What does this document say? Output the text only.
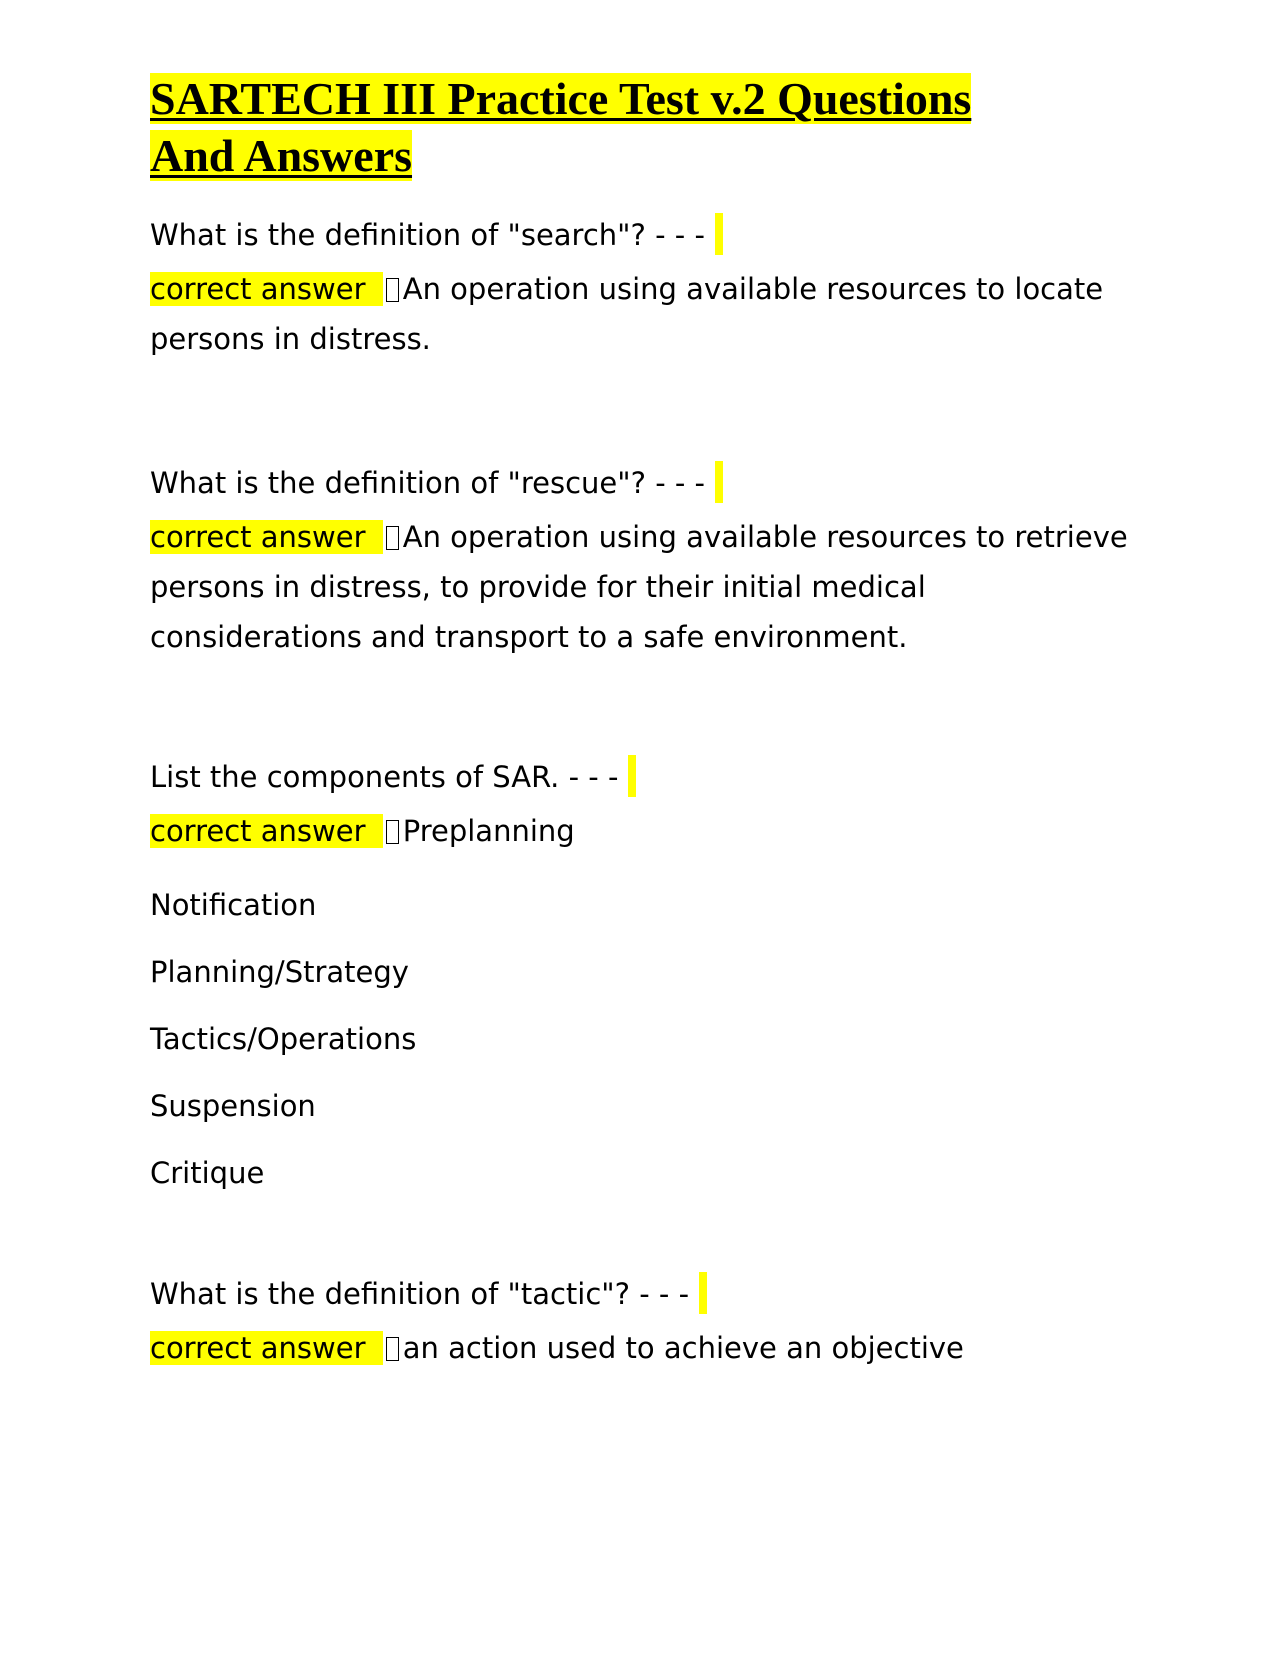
SARTECH III Practice Test v.2 Questions
And Answers
What is the definition of "search"? - - -
correct answer An operation using available resources to locate persons in distress.
What is the definition of "rescue"? - - -
correct answer An operation using available resources to retrieve persons in distress, to provide for their initial medical considerations and transport to a safe environment.
List the components of SAR. - - -
correct answer Preplanning
Notification
Planning/Strategy
Tactics/Operations
Suspension
Critique
What is the definition of "tactic"? - - -
correct answer an action used to achieve an objective
